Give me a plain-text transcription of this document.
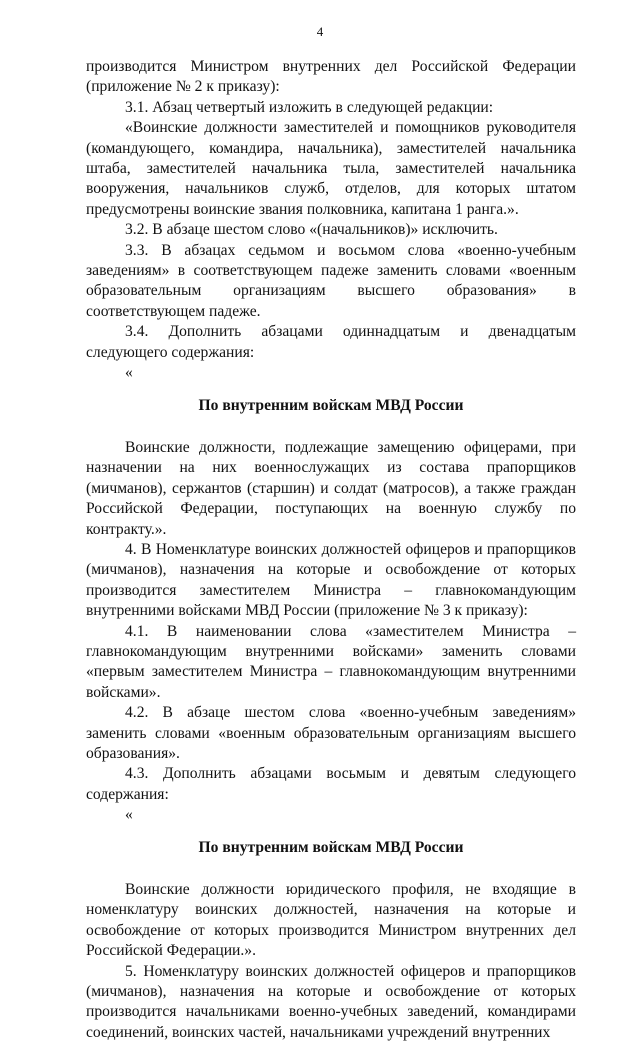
4

производится Министром внутренних дел Российской Федерации (приложение № 2 к приказу):

3.1. Абзац четвертый изложить в следующей редакции:

«Воинские должности заместителей и помощников руководителя (командующего, командира, начальника), заместителей начальника штаба, заместителей начальника тыла, заместителей начальника вооружения, начальников служб, отделов, для которых штатом предусмотрены воинские звания полковника, капитана 1 ранга.».

3.2. В абзаце шестом слово «(начальников)» исключить.

3.3. В абзацах седьмом и восьмом слова «военно-учебным заведениям» в соответствующем падеже заменить словами «военным образовательным организациям высшего образования» в соответствующем падеже.

3.4. Дополнить абзацами одиннадцатым и двенадцатым следующего содержания:

«

По внутренним войскам МВД России

Воинские должности, подлежащие замещению офицерами, при назначении на них военнослужащих из состава прапорщиков (мичманов), сержантов (старшин) и солдат (матросов), а также граждан Российской Федерации, поступающих на военную службу по контракту.».

4. В Номенклатуре воинских должностей офицеров и прапорщиков (мичманов), назначения на которые и освобождение от которых производится заместителем Министра – главнокомандующим внутренними войсками МВД России (приложение № 3 к приказу):

4.1. В наименовании слова «заместителем Министра – главнокомандующим внутренними войсками» заменить словами «первым заместителем Министра – главнокомандующим внутренними войсками».

4.2. В абзаце шестом слова «военно-учебным заведениям» заменить словами «военным образовательным организациям высшего образования».

4.3. Дополнить абзацами восьмым и девятым следующего содержания:

«

По внутренним войскам МВД России

Воинские должности юридического профиля, не входящие в номенклатуру воинских должностей, назначения на которые и освобождение от которых производится Министром внутренних дел Российской Федерации.».

5. Номенклатуру воинских должностей офицеров и прапорщиков (мичманов), назначения на которые и освобождение от которых производится начальниками военно-учебных заведений, командирами соединений, воинских частей, начальниками учреждений внутренних
